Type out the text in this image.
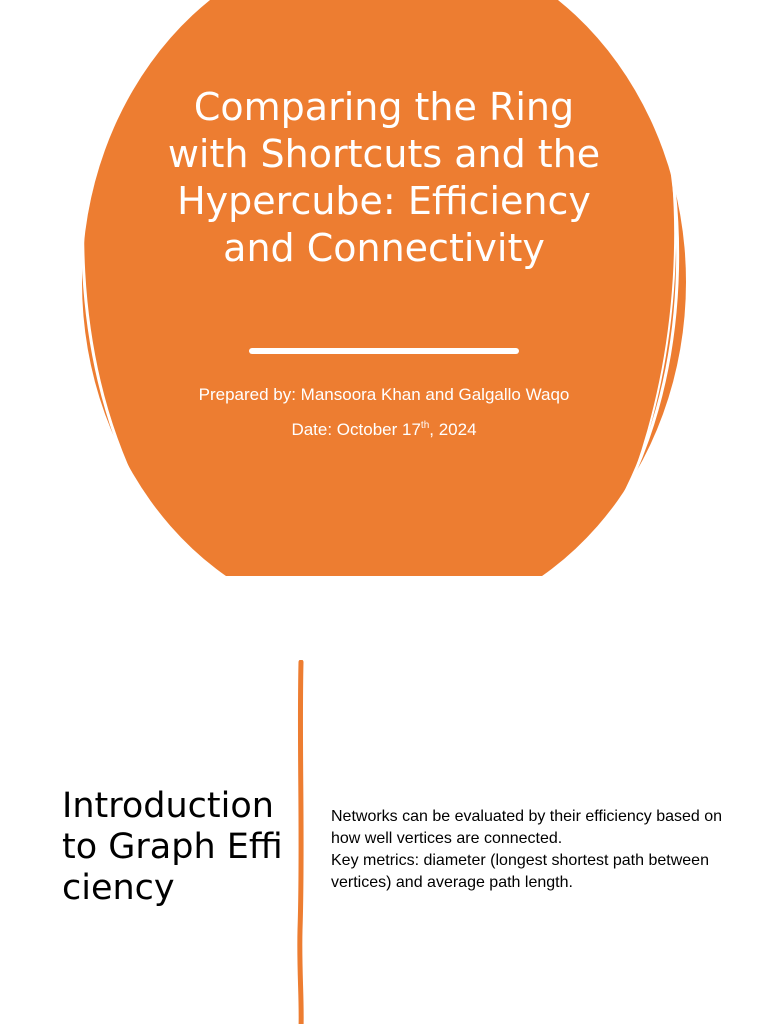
Comparing the Ring with Shortcuts and the Hypercube: Efficiency and Connectivity
Prepared by: Mansoora Khan and Galgallo Waqo
Date: October 17th, 2024
Introduction to Graph Efficiency
Networks can be evaluated by their efficiency based on how well vertices are connected.
Key metrics: diameter (longest shortest path between vertices) and average path length.
